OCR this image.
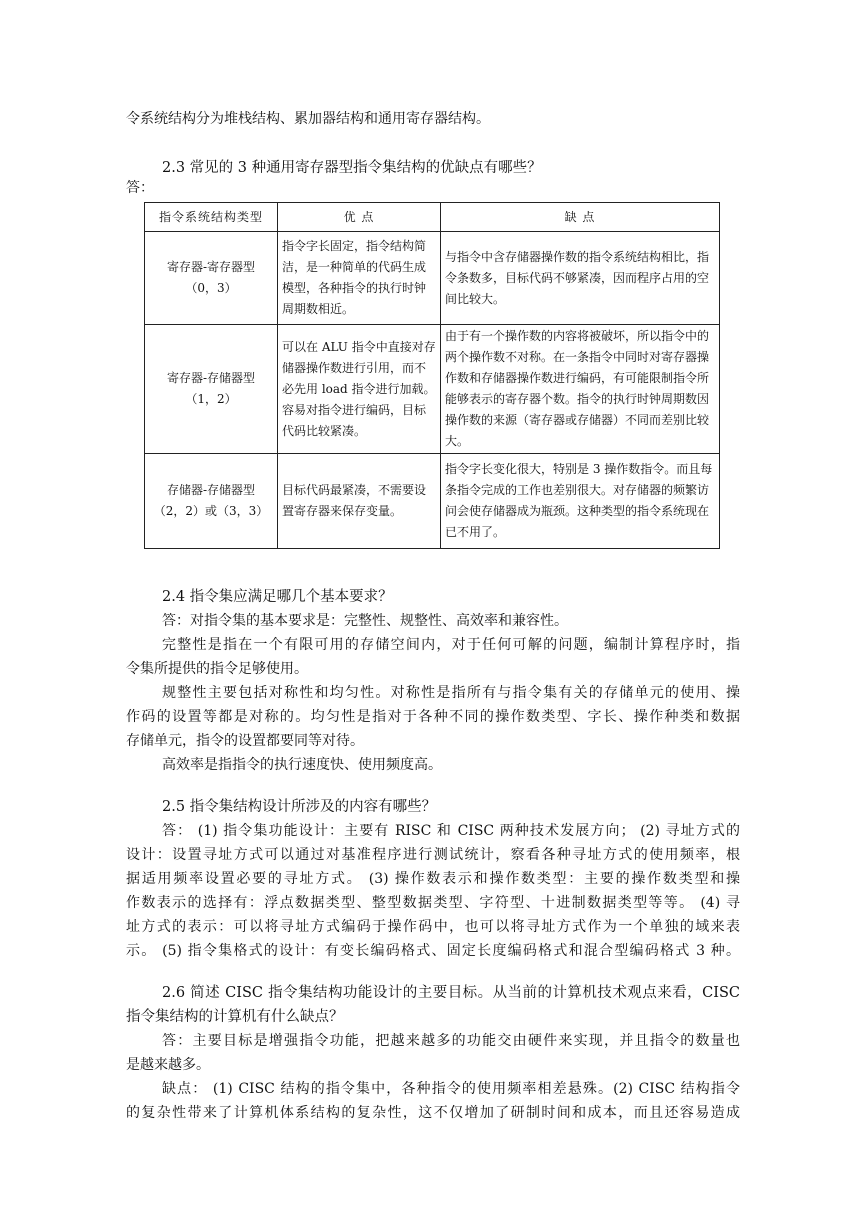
令系统结构分为堆栈结构、累加器结构和通用寄存器结构。
2.3 常见的 3 种通用寄存器型指令集结构的优缺点有哪些？
答：
指令系统结构类型	优 点	缺 点

寄存器-寄存器型
（0，3）	指令字长固定，指令结构简洁，是一种简单的代码生成模型，各种指令的执行时钟周期数相近。	与指令中含存储器操作数的指令系统结构相比，指令条数多，目标代码不够紧凑，因而程序占用的空间比较大。

寄存器-存储器型
（1，2）	可以在 ALU 指令中直接对存储器操作数进行引用，而不必先用 load 指令进行加载。容易对指令进行编码，目标代码比较紧凑。	由于有一个操作数的内容将被破坏，所以指令中的两个操作数不对称。在一条指令中同时对寄存器操作数和存储器操作数进行编码，有可能限制指令所能够表示的寄存器个数。指令的执行时钟周期数因操作数的来源（寄存器或存储器）不同而差别比较大。

存储器-存储器型
（2，2）或（3，3）	目标代码最紧凑，不需要设置寄存器来保存变量。	指令字长变化很大，特别是 3 操作数指令。而且每条指令完成的工作也差别很大。对存储器的频繁访问会使存储器成为瓶颈。这种类型的指令系统现在已不用了。
2.4 指令集应满足哪几个基本要求？
答：对指令集的基本要求是：完整性、规整性、高效率和兼容性。
完整性是指在一个有限可用的存储空间内，对于任何可解的问题，编制计算程序时，指
令集所提供的指令足够使用。
规整性主要包括对称性和均匀性。对称性是指所有与指令集有关的存储单元的使用、操
作码的设置等都是对称的。均匀性是指对于各种不同的操作数类型、字长、操作种类和数据
存储单元，指令的设置都要同等对待。
高效率是指指令的执行速度快、使用频度高。
2.5 指令集结构设计所涉及的内容有哪些？
答： (1) 指令集功能设计：主要有 RISC 和 CISC 两种技术发展方向； (2) 寻址方式的
设计：设置寻址方式可以通过对基准程序进行测试统计，察看各种寻址方式的使用频率，根
据适用频率设置必要的寻址方式。 (3) 操作数表示和操作数类型：主要的操作数类型和操
作数表示的选择有：浮点数据类型、整型数据类型、字符型、十进制数据类型等等。 (4) 寻
址方式的表示：可以将寻址方式编码于操作码中，也可以将寻址方式作为一个单独的域来表
示。 (5) 指令集格式的设计：有变长编码格式、固定长度编码格式和混合型编码格式 3 种。
2.6 简述 CISC 指令集结构功能设计的主要目标。从当前的计算机技术观点来看，CISC
指令集结构的计算机有什么缺点？
答：主要目标是增强指令功能，把越来越多的功能交由硬件来实现，并且指令的数量也
是越来越多。
缺点： (1) CISC 结构的指令集中，各种指令的使用频率相差悬殊。(2) CISC 结构指令
的复杂性带来了计算机体系结构的复杂性，这不仅增加了研制时间和成本，而且还容易造成
